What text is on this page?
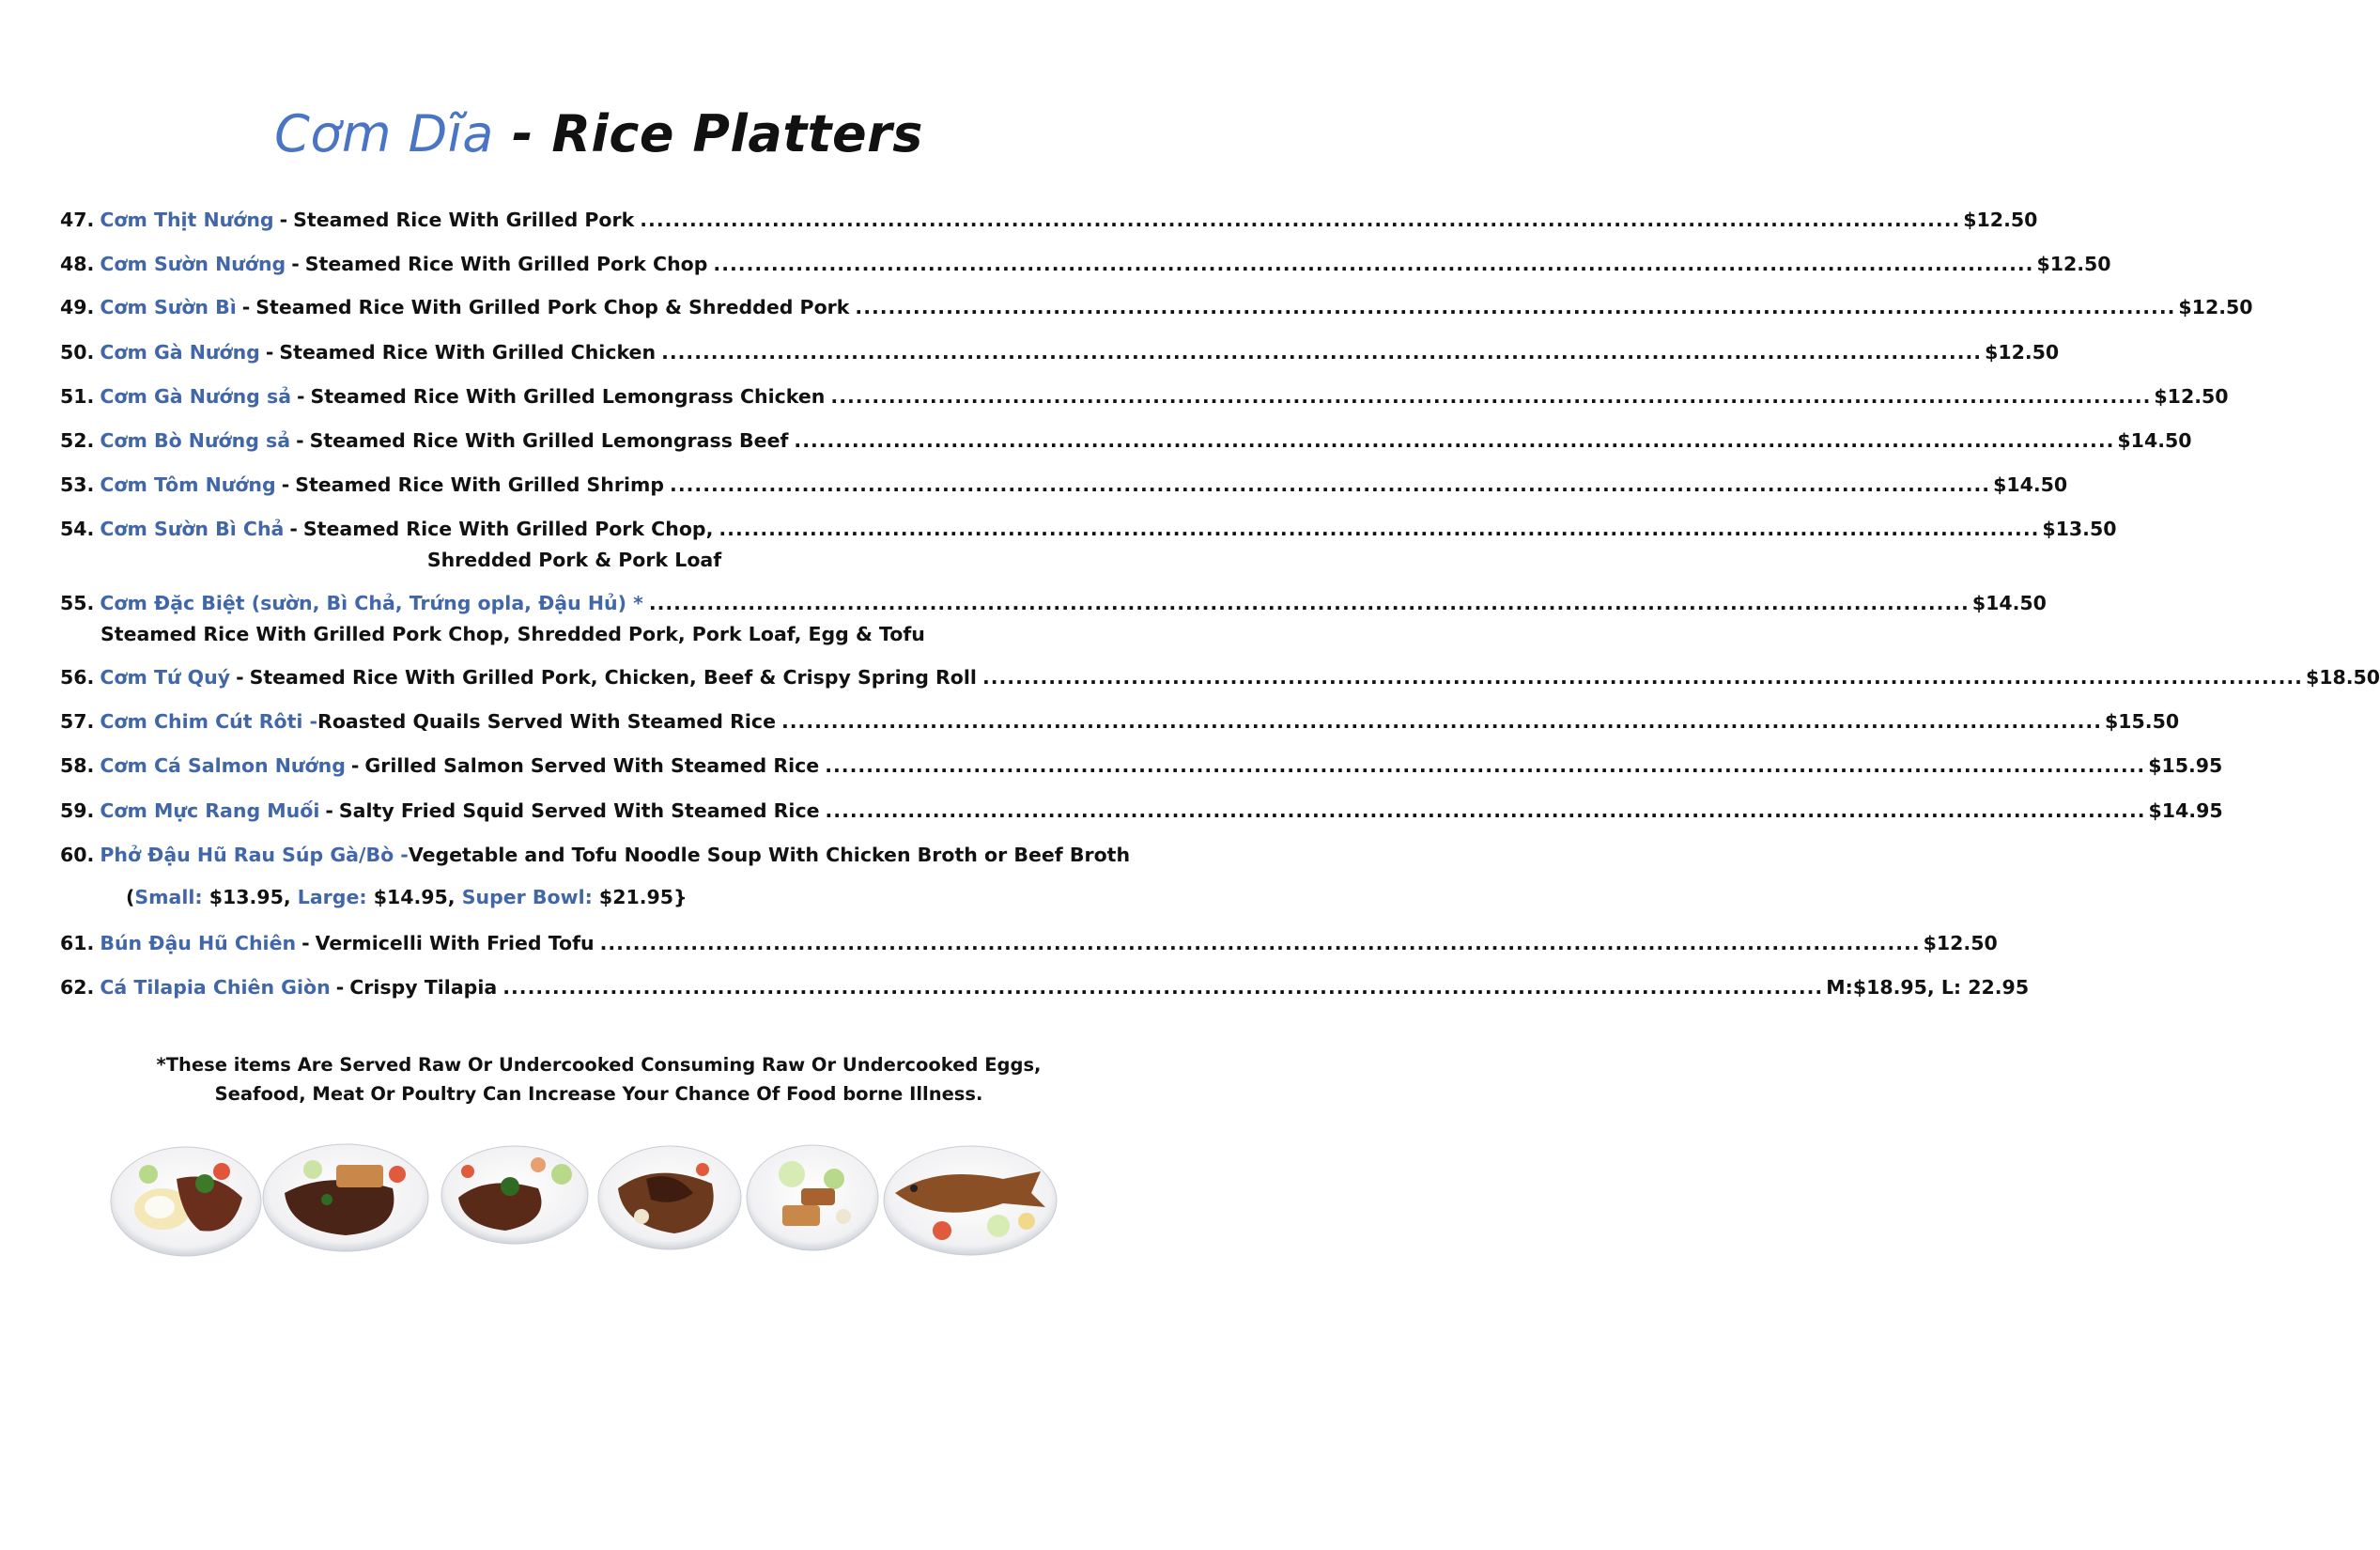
Cơm Dĩa - Rice Platters
47. Cơm Thịt Nướng - Steamed Rice With Grilled Pork ................................................................................................................................................................ $12.50
48. Cơm Sườn Nướng - Steamed Rice With Grilled Pork Chop ................................................................................................................................................................ $12.50
49. Cơm Sườn Bì - Steamed Rice With Grilled Pork Chop & Shredded Pork ................................................................................................................................................................ $12.50
50. Cơm Gà Nướng - Steamed Rice With Grilled Chicken ................................................................................................................................................................ $12.50
51. Cơm Gà Nướng sả - Steamed Rice With Grilled Lemongrass Chicken ................................................................................................................................................................ $12.50
52. Cơm Bò Nướng sả - Steamed Rice With Grilled Lemongrass Beef ................................................................................................................................................................ $14.50
53. Cơm Tôm Nướng - Steamed Rice With Grilled Shrimp ................................................................................................................................................................ $14.50
54. Cơm Sườn Bì Chả - Steamed Rice With Grilled Pork Chop, ................................................................................................................................................................ $13.50
Shredded Pork & Pork Loaf
55. Cơm Đặc Biệt (sườn, Bì Chả, Trứng opla, Đậu Hủ) * ................................................................................................................................................................ $14.50
Steamed Rice With Grilled Pork Chop, Shredded Pork, Pork Loaf, Egg & Tofu
56. Cơm Tứ Quý - Steamed Rice With Grilled Pork, Chicken, Beef & Crispy Spring Roll ................................................................................................................................................................ $18.50
57. Cơm Chim Cút Rôti - Roasted Quails Served With Steamed Rice ................................................................................................................................................................ $15.50
58. Cơm Cá Salmon Nướng - Grilled Salmon Served With Steamed Rice ................................................................................................................................................................ $15.95
59. Cơm Mực Rang Muối - Salty Fried Squid Served With Steamed Rice ................................................................................................................................................................ $14.95
60. Phở Đậu Hũ Rau Súp Gà/Bò - Vegetable and Tofu Noodle Soup With Chicken Broth or Beef Broth
61. Bún Đậu Hũ Chiên - Vermicelli With Fried Tofu ................................................................................................................................................................ $12.50
62. Cá Tilapia Chiên Giòn - Crispy Tilapia ................................................................................................................................................................ M:$18.95, L: 22.95
(Small: $13.95, Large: $14.95, Super Bowl: $21.95}
*These items Are Served Raw Or Undercooked Consuming Raw Or Undercooked Eggs,
Seafood, Meat Or Poultry Can Increase Your Chance Of Food borne Illness.
